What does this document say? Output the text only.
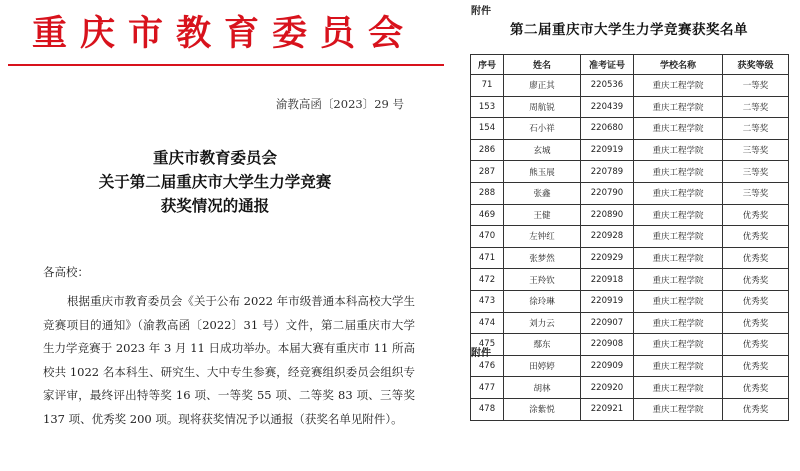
重庆市教育委员会
渝教高函〔2023〕29 号
重庆市教育委员会
关于第二届重庆市大学生力学竞赛
获奖情况的通报
各高校：
根据重庆市教育委员会《关于公布 2022 年市级普通本科高校大学生竞赛项目的通知》（渝教高函〔2022〕31 号）文件，第二届重庆市大学生力学竞赛于 2023 年 3 月 11 日成功举办。本届大赛有重庆市 11 所高校共 1022 名本科生、研究生、大中专生参赛，经竞赛组织委员会组织专家评审，最终评出特等奖 16 项、一等奖 55 项、二等奖 83 项、三等奖 137 项、优秀奖 200 项。现将获奖情况予以通报（获奖名单见附件）。
附件
第二届重庆市大学生力学竞赛获奖名单
序号	姓名	准考证号	学校名称	获奖等级
71	廖正其	220536	重庆工程学院	一等奖
153	周航锐	220439	重庆工程学院	二等奖
154	石小祥	220680	重庆工程学院	二等奖
286	玄城	220919	重庆工程学院	三等奖
287	熊玉展	220789	重庆工程学院	三等奖
288	张鑫	220790	重庆工程学院	三等奖
469	王健	220890	重庆工程学院	优秀奖
470	左钟红	220928	重庆工程学院	优秀奖
471	张梦然	220929	重庆工程学院	优秀奖
472	王羚钦	220918	重庆工程学院	优秀奖
473	徐玲琳	220919	重庆工程学院	优秀奖
474	刘力云	220907	重庆工程学院	优秀奖
475	鄢东	220908	重庆工程学院	优秀奖
476	田婷婷	220909	重庆工程学院	优秀奖
477	胡林	220920	重庆工程学院	优秀奖
478	涂紫悦	220921	重庆工程学院	优秀奖
附件
